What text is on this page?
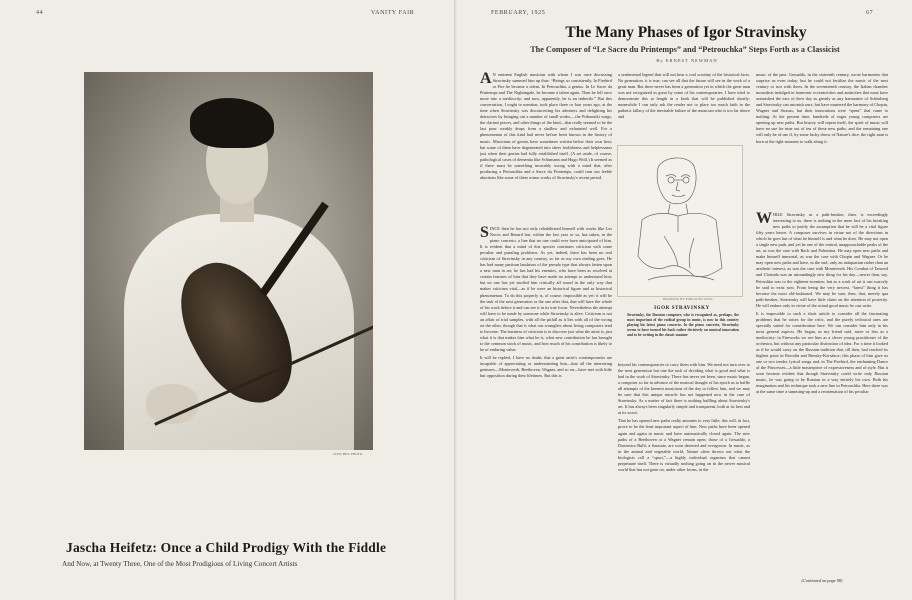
44	VANITY FAIR
STEICHEN PHOTO
Jascha Heifetz: Once a Child Prodigy With the Fiddle
And Now, at Twenty Three, One of the Most Prodigious of Living Concert Artists
FEBRUARY, 1925	67
The Many Phases of Igor Stravinsky
The Composer of “Le Sacre du Printemps” and “Petrouchka” Steps Forth as a Classicist
By ERNEST NEWMAN

A N eminent English musician with whom I was once discussing Stravinsky summed him up thus: “Beings so consistently, In Firebird or Fire he became a talent. In Petrouchka, a genius. In Le Sacre du Printemps and The Nightingale, he became a talent again. Then he fell once more into a mediocrity; and now, apparently, he is an imbecile.” But this conversation, I ought to mention, took place three or four years ago, at the time when Stravinsky was disconcerting his admirers and delighting his detractors by bringing out a number of small works,—the Pribaoutki songs, the clarinet pieces, and other things of the kind—that really seemed to be the last pour weakly drops from a shallow and exhausted well. For a phenomenon of this kind had never before been known in the history of music. Musicians of genius have sometimes written below their own best; but some of them have degenerated into sheer foolishness and helplessness just when their genius had fully established itself. (A set aside, of course, pathological cases of dementia like Schumann and Hugo Wolf.) It seemed as if there must be something incurably wrong with a mind that, after producing a Petrouchka and a Sacre du Printemps, could turn out feeble abortions like some of these minor works of Stravinsky's recent period.

SINCE then he has not only rehabilitated himself with works like Les Noces and Renard but, within the last year or so, has taken, in the piano concerto, a line that no one could ever have anticipated of him. It is evident that a mind of this species continues criticism with some peculiar and puzzling problems. As yet, indeed, there has been no real criticism of Stravinsky in any country, so far as my own reading goes. He has had many partisan laudators of the pseudo type that always fasten upon a new man in art; he has had his enemies, who have been as resolved at certain features of him that they have made no attempt to understand him; but no one has yet studied him critically all round in the only way that makes criticism vital—as if he were an historical figure and as historical phenomenon. To do this properly is, of course, impossible as yet: it will be the task of the next generation or the one after that, that will have the whole of his work before it and can see it in its true focus. Nevertheless the attempt will have to be made by someone while Stravinsky is alive. Criticism is not an affair of trial samples, with all the pitfall as it lies with all of the wrong on the other, though that is what our wranglers about living composers tend to become. The business of criticism is to discover just what the artist is, just what it is that makes him what he is, what new contribution he has brought to the common stock of music, and how much of his contribution is likely to be of enduring value.

It will be replied, I have no doubt, that a great artist's contemporaries are incapable of appreciating or understanding him—that all the interesting geniuses—Monteverdi, Beethoven, Wagner, and so on—have met with little but opposition during their lifetimes. But this is

a sentimental legend that will not bear a cool scrutiny of the historical facts. No generation, it is true, can see all that the future will see in the work of a great man. But there never has been a generation yet in which the great man was not recognized as great by some of his contemporaries. I have tried to demonstrate this at length in a book that will be published shortly; meanwhile I can only ask the reader not to place too much faith in the pathetic fallacy of the inevitable failure of the musician who is too far above and

DRAWING BY PABLO PICASSO
IGOR STRAVINSKY
Stravinsky, the Russian composer, who is recognized as, perhaps, the most important of the radical group in music, is now in this country playing his latest piano concerto. In the piano concerto, Stravinsky seems to have turned his back rather decisively on musical innovation and to be writing in the classic manner

beyond his contemporaries to carry them with him. We need not turn over to the next generation but one the task of deciding what is good and what is bad in the work of Stravinsky. There has never yet been, since music began, a composer so far in advance of the musical thought of his epoch as to baffle all attempts of the keenest musicians of the day to follow him, and we may be sure that this unique miracle has not happened now in the case of Stravinsky. As a matter of fact there is nothing baffling about Stravinsky's art. It has always been singularly simple and transparent, both at its best and at its worst.

That he has opened new paths really amounts to very little; this will, in fact, prove to be the least important aspect of him. New paths have been opened again and again in music and have automatically closed again. The new paths of a Beethoven or a Wagner remain open; those of a Gesualdo, a Domenico Bulli, a Sarasate, are soon deserted and overgrown. In music, as in the animal and vegetable world, Nature often throws out what the biologists call a “sport,”—a highly individual organism that cannot perpetuate itself. There is virtually nothing going on in the newer musical world that has not gone on, under other forms, in the

music of the past. Gesualdo, in the sixteenth century, wrote harmonies that surprise us even today; but he could not fertilize the music of the next century or two with them. In the seventeenth century, the Italian chamber monodists indulged in harmonic eccentricities and audacities that must have astonished the ears of their day as greatly as any harmonies of Schönberg and Stravinsky can astonish ours; but have mastered the harmony of Chopin, Wagner and Strauss; but their innovations were “spent” that came to nothing. At the present time, hundreds of eager young composers are opening up new paths. But history will repeat itself; the spirit of music will have no use for nine out of ten of these new paths, and the remaining one will only be of use if, by some lucky throw of Nature's dice, the right man is born at the right moment to walk along it.

WHILE Stravinsky as a path-breaker, then, is exceedingly interesting to us, there is nothing in the mere fact of his breaking new paths to justify the assumption that he will be a vital figure fifty years hence. A composer survives in virtue not of the directions in which he goes but of what he himself is and what he does. He may not open a single new path, and yet be one of the central, unapproachable peaks of the art, as was the case with Bach and Palestrina. He may open new paths and make himself immortal, as was the case with Chopin and Wagner. Or he may open new paths and have, in the end, only an antiquarian rather than an aesthetic interest, as was the case with Monteverdi. His Combat of Tancred and Clorinda was an astoundingly new thing for his day—newer than, say, Petrushka was to the eighteen-twenties; but as a work of art it can scarcely be said to exist now. From being the very newest, “latest” thing it has become the most old-fashioned. We may be sure, then, that, merely qua path-breaker, Stravinsky will have little claim on the attention of posterity. He will endure only in virtue of the actual good music he can write.

It is impossible to such a short article to consider all the fascinating problems that he raises for the critic, and the purely technical ones are specially suited for consideration here. We can consider him only in his most general aspects. He began, as my friend said, more or less as a mediocrity: in Fireworks we see him as a clever young practitioner of the orchestra, but without any particular distinction of idea. For a time it looked as if he would carry on the Russian tradition that, till then, had reached its highest point in Borodin and Rimsky-Korsakov; this phase of him gave us one or two tender, lyrical songs and, in The Firebird, the enchanting Dance of the Princesses—a little masterpiece of expressiveness and of style. But it soon became evident that though Stravinsky could write only Russian music, he was going to be Russian in a way entirely his own. Both his imagination and his technique took a new line in Petrouchka. Here there was at the same time a summing-up and a reorientation of his peculiar

(Continued on page 98)
